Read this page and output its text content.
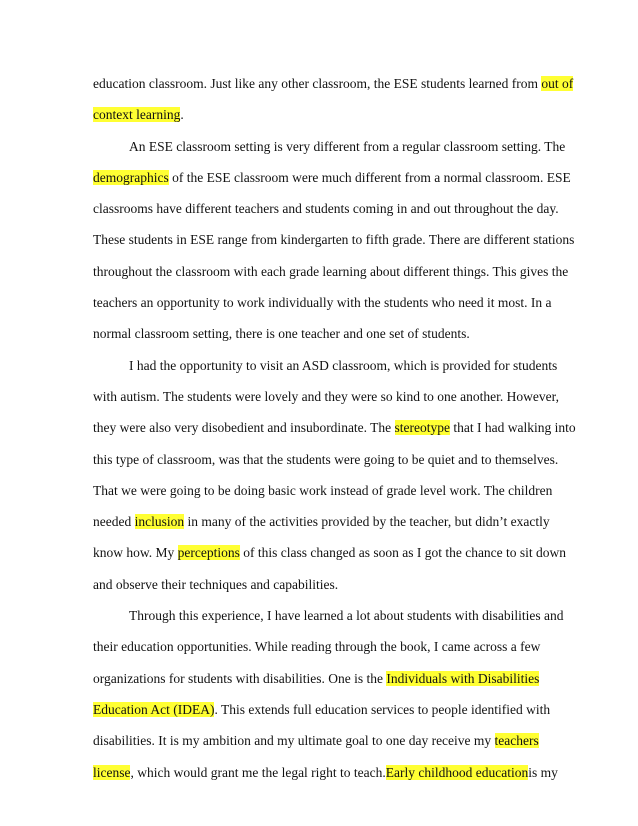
education classroom. Just like any other classroom, the ESE students learned from out of
context learning.
An ESE classroom setting is very different from a regular classroom setting. The
demographics of the ESE classroom were much different from a normal classroom. ESE
classrooms have different teachers and students coming in and out throughout the day.
These students in ESE range from kindergarten to fifth grade. There are different stations
throughout the classroom with each grade learning about different things. This gives the
teachers an opportunity to work individually with the students who need it most. In a
normal classroom setting, there is one teacher and one set of students.
I had the opportunity to visit an ASD classroom, which is provided for students
with autism. The students were lovely and they were so kind to one another. However,
they were also very disobedient and insubordinate. The stereotype that I had walking into
this type of classroom, was that the students were going to be quiet and to themselves.
That we were going to be doing basic work instead of grade level work. The children
needed inclusion in many of the activities provided by the teacher, but didn’t exactly
know how. My perceptions of this class changed as soon as I got the chance to sit down
and observe their techniques and capabilities.
Through this experience, I have learned a lot about students with disabilities and
their education opportunities. While reading through the book, I came across a few
organizations for students with disabilities. One is the Individuals with Disabilities
Education Act (IDEA). This extends full education services to people identified with
disabilities. It is my ambition and my ultimate goal to one day receive my teachers
license, which would grant me the legal right to teach.Early childhood educationis my
